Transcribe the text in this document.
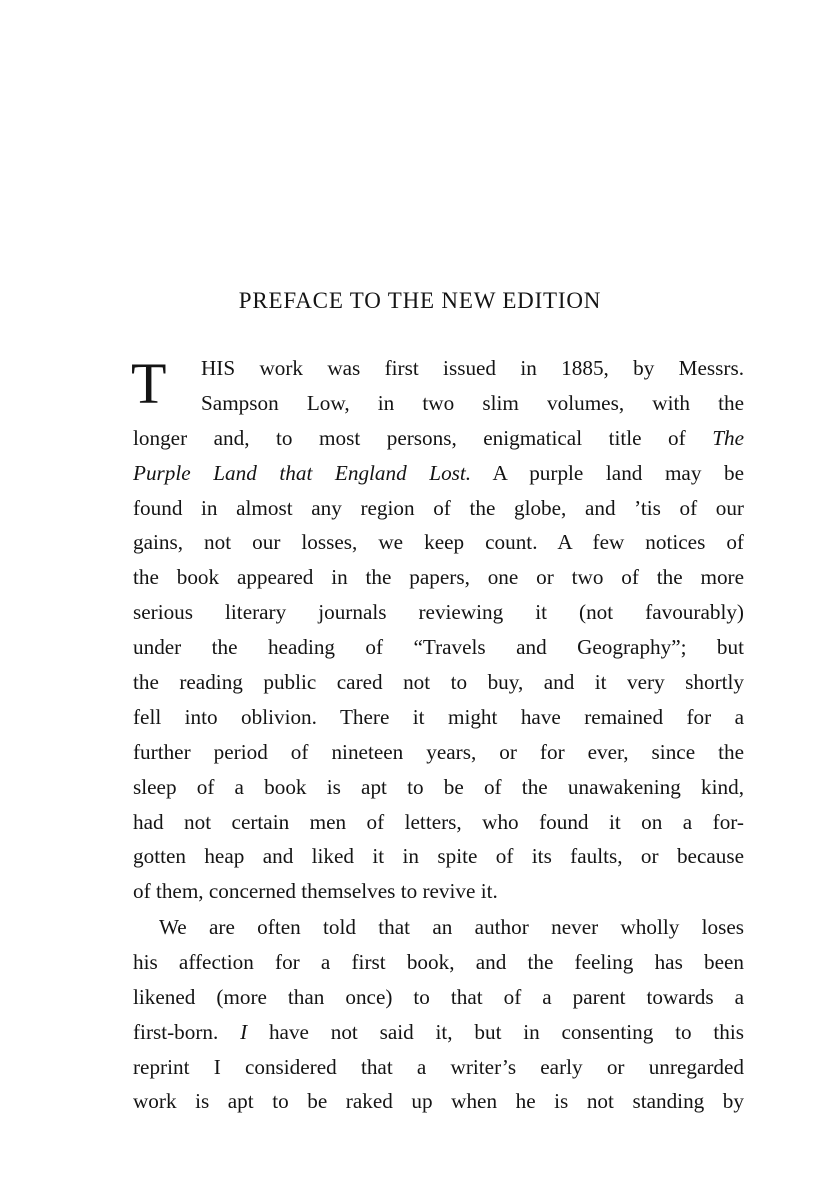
PREFACE TO THE NEW EDITION
T	HIS work was first issued in 1885, by Messrs.
Sampson Low, in two slim volumes, with the
longer and, to most persons, enigmatical title of The
Purple Land that England Lost. A purple land may be
found in almost any region of the globe, and ’tis of our
gains, not our losses, we keep count. A few notices of
the book appeared in the papers, one or two of the more
serious literary journals reviewing it (not favourably)
under the heading of “Travels and Geography”; but
the reading public cared not to buy, and it very shortly
fell into oblivion. There it might have remained for a
further period of nineteen years, or for ever, since the
sleep of a book is apt to be of the unawakening kind,
had not certain men of letters, who found it on a for-
gotten heap and liked it in spite of its faults, or because
of them, concerned themselves to revive it.
We are often told that an author never wholly loses
his affection for a first book, and the feeling has been
likened (more than once) to that of a parent towards a
first-born. I have not said it, but in consenting to this
reprint I considered that a writer’s early or unregarded
work is apt to be raked up when he is not standing by
